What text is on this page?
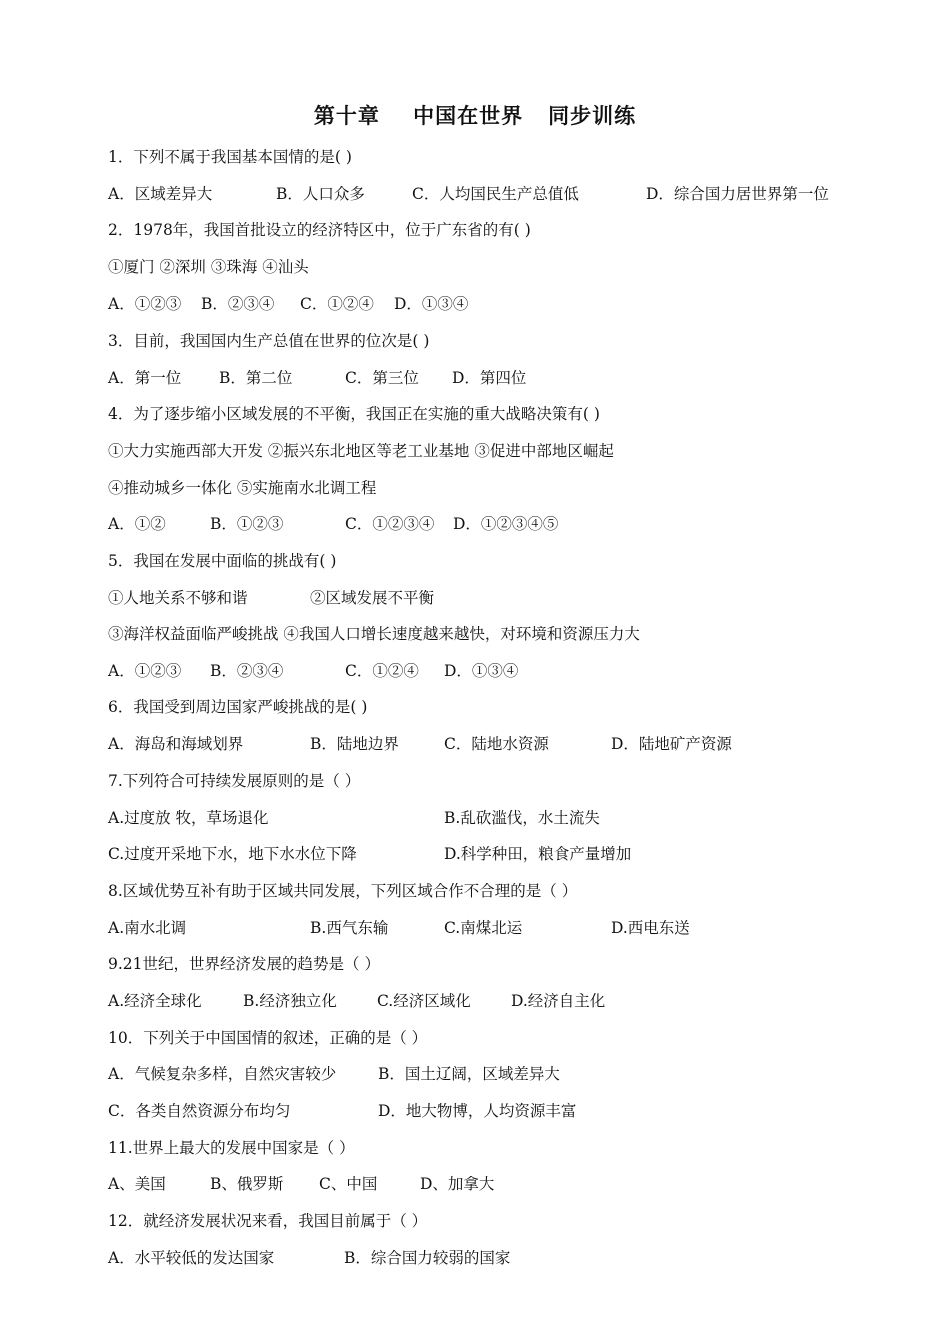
第十章    中国在世界   同步训练
1．下列不属于我国基本国情的是( )
A．区域差异大	B．人口众多	C．人均国民生产总值低	D．综合国力居世界第一位
2．1978年，我国首批设立的经济特区中，位于广东省的有( )
①厦门 ②深圳 ③珠海 ④汕头
A．①②③ B．②③④ C．①②④ D．①③④
3．目前，我国国内生产总值在世界的位次是( )
A．第一位 B．第二位	C．第三位 D．第四位
4．为了逐步缩小区域发展的不平衡，我国正在实施的重大战略决策有( )
①大力实施西部大开发 ②振兴东北地区等老工业基地 ③促进中部地区崛起
④推动城乡一体化 ⑤实施南水北调工程
A．①②	B．①②③	C．①②③④ D．①②③④⑤
5．我国在发展中面临的挑战有( )
①人地关系不够和谐	②区域发展不平衡
③海洋权益面临严峻挑战 ④我国人口增长速度越来越快，对环境和资源压力大
A．①②③ B．②③④	C．①②④ D．①③④
6．我国受到周边国家严峻挑战的是( )
A．海岛和海域划界	B．陆地边界	C．陆地水资源	D．陆地矿产资源
7.下列符合可持续发展原则的是（ ）
A.过度放 牧，草场退化	B.乱砍滥伐，水土流失
C.过度开采地下水，地下水水位下降	D.科学种田，粮食产量增加
8.区域优势互补有助于区域共同发展，下列区域合作不合理的是（ ）
A.南水北调	B.西气东输	C.南煤北运	D.西电东送
9.21世纪，世界经济发展的趋势是（ ）
A.经济全球化	B.经济独立化	C.经济区域化	D.经济自主化
10．下列关于中国国情的叙述，正确的是（ ）
A．气候复杂多样，自然灾害较少	B．国土辽阔，区域差异大
C．各类自然资源分布均匀	D．地大物博，人均资源丰富
11.世界上最大的发展中国家是（ ）
A、美国	B、俄罗斯 C、中国	D、加拿大
12．就经济发展状况来看，我国目前属于（ ）
A．水平较低的发达国家	B．综合国力较弱的国家
